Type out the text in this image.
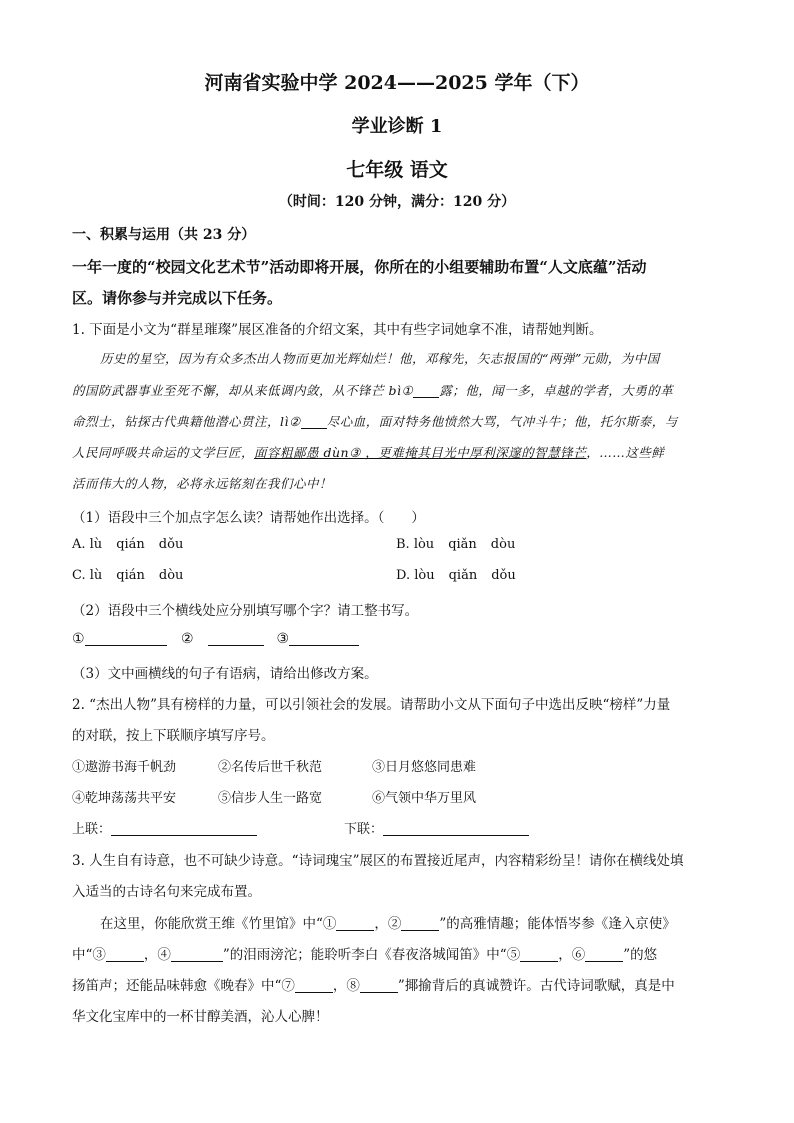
河南省实验中学 2024——2025 学年（下）
学业诊断 1
七年级 语文
（时间：120 分钟，满分：120 分）
一、积累与运用（共 23 分）
一年一度的“校园文化艺术节”活动即将开展，你所在的小组要辅助布置“人文底蕴”活动
区。请你参与并完成以下任务。
1. 下面是小文为“群星璀璨”展区准备的介绍文案，其中有些字词她拿不准，请帮她判断。
历史的星空，因为有众多杰出人物而更加光辉灿烂！他，邓稼先，矢志报国的“两弹”元勋，为中国
的国防武器事业至死不懈，却从来低调内敛，从不锋芒 bì① 露；他，闻一多，卓越的学者，大勇的革
命烈士，钻探古代典籍他潜心贯注，lì② 尽心血，面对特务他愤然大骂，气冲斗牛；他，托尔斯泰，与
人民同呼吸共命运的文学巨匠，面容粗鄙愚 dùn③ ，更难掩其目光中厚利深邃的智慧锋芒，……这些鲜
活而伟大的人物，必将永远铭刻在我们心中！
（1）语段中三个加点字怎么读？请帮她作出选择。（　　）
A. lù qián dǒu	B. lòu qiǎn dòu
C. lù qián dòu	D. lòu qiǎn dǒu
（2）语段中三个横线处应分别填写哪个字？请工整书写。
①	②	③
（3）文中画横线的句子有语病，请给出修改方案。
2. “杰出人物”具有榜样的力量，可以引领社会的发展。请帮助小文从下面句子中选出反映“榜样”力量
的对联，按上下联顺序填写序号。
①遨游书海千帆劲	②名传后世千秋范	③日月悠悠同患难
④乾坤荡荡共平安	⑤信步人生一路宽	⑥气领中华万里风
上联：	下联：
3. 人生自有诗意，也不可缺少诗意。“诗词瑰宝”展区的布置接近尾声，内容精彩纷呈！请你在横线处填
入适当的古诗名句来完成布置。
在这里，你能欣赏王维《竹里馆》中“①	，②	”的高雅情趣；能体悟岑参《逢入京使》
中“③	，④	”的泪雨滂沱；能聆听李白《春夜洛城闻笛》中“⑤	，⑥	”的悠
扬笛声；还能品味韩愈《晚春》中“⑦	，⑧	”揶揄背后的真诚赞许。古代诗词歌赋，真是中
华文化宝库中的一杯甘醇美酒，沁人心脾！
